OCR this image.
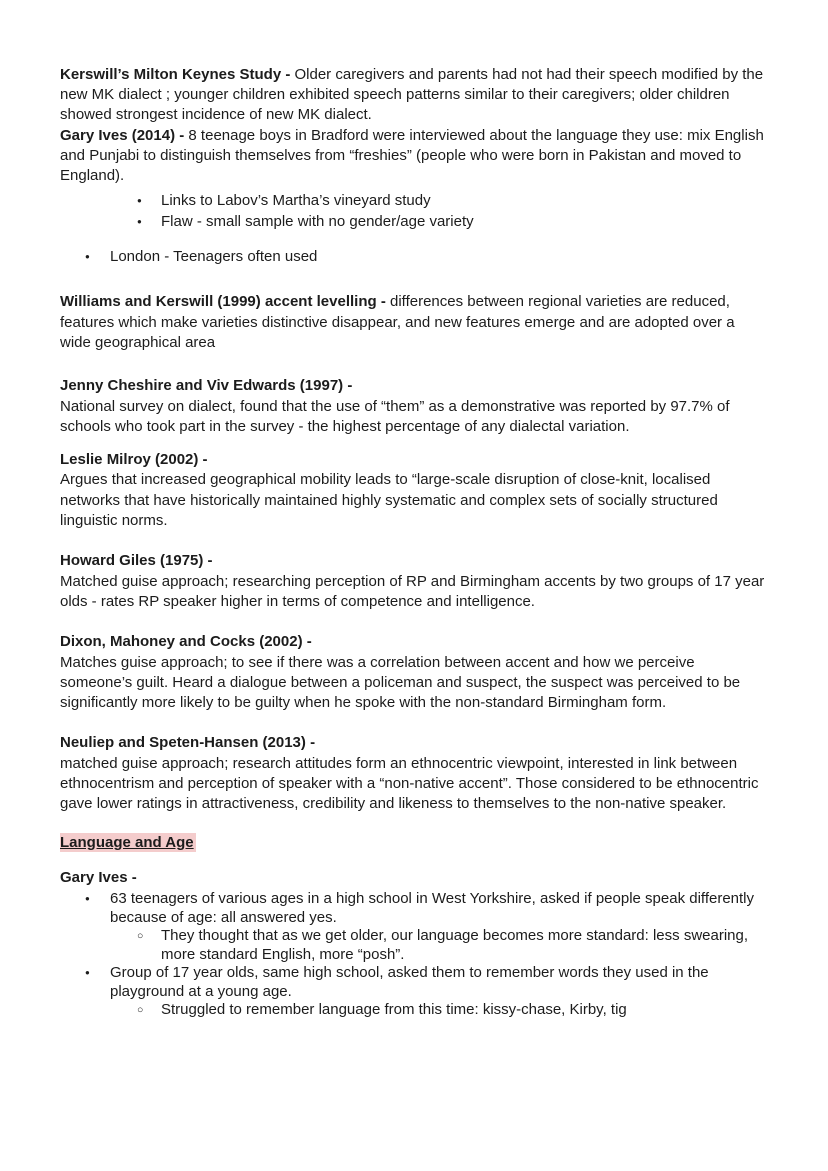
Kerswill’s Milton Keynes Study - Older caregivers and parents had not had their speech modified by the new MK dialect ; younger children exhibited speech patterns similar to their caregivers; older children showed strongest incidence of new MK dialect.

Gary Ives (2014) - 8 teenage boys in Bradford were interviewed about the language they use: mix English and Punjabi to distinguish themselves from “freshies” (people who were born in Pakistan and moved to England).

● Links to Labov’s Martha’s vineyard study
● Flaw - small sample with no gender/age variety
● London - Teenagers often used

Williams and Kerswill (1999) accent levelling - differences between regional varieties are reduced, features which make varieties distinctive disappear, and new features emerge and are adopted over a wide geographical area

Jenny Cheshire and Viv Edwards (1997) -

National survey on dialect, found that the use of “them” as a demonstrative was reported by 97.7% of schools who took part in the survey - the highest percentage of any dialectal variation.

Leslie Milroy (2002) -

Argues that increased geographical mobility leads to “large-scale disruption of close-knit, localised networks that have historically maintained highly systematic and complex sets of socially structured linguistic norms.

Howard Giles (1975) -

Matched guise approach; researching perception of RP and Birmingham accents by two groups of 17 year olds - rates RP speaker higher in terms of competence and intelligence.

Dixon, Mahoney and Cocks (2002) -

Matches guise approach; to see if there was a correlation between accent and how we perceive someone’s guilt. Heard a dialogue between a policeman and suspect, the suspect was perceived to be significantly more likely to be guilty when he spoke with the non-standard Birmingham form.

Neuliep and Speten-Hansen (2013) -

matched guise approach; research attitudes form an ethnocentric viewpoint, interested in link between ethnocentrism and perception of speaker with a “non-native accent”. Those considered to be ethnocentric gave lower ratings in attractiveness, credibility and likeness to themselves to the non-native speaker.

Language and Age

Gary Ives -

● 63 teenagers of various ages in a high school in West Yorkshire, asked if people speak differently because of age: all answered yes.
○ They thought that as we get older, our language becomes more standard: less swearing, more standard English, more “posh”.
● Group of 17 year olds, same high school, asked them to remember words they used in the playground at a young age.
○ Struggled to remember language from this time: kissy-chase, Kirby, tig
